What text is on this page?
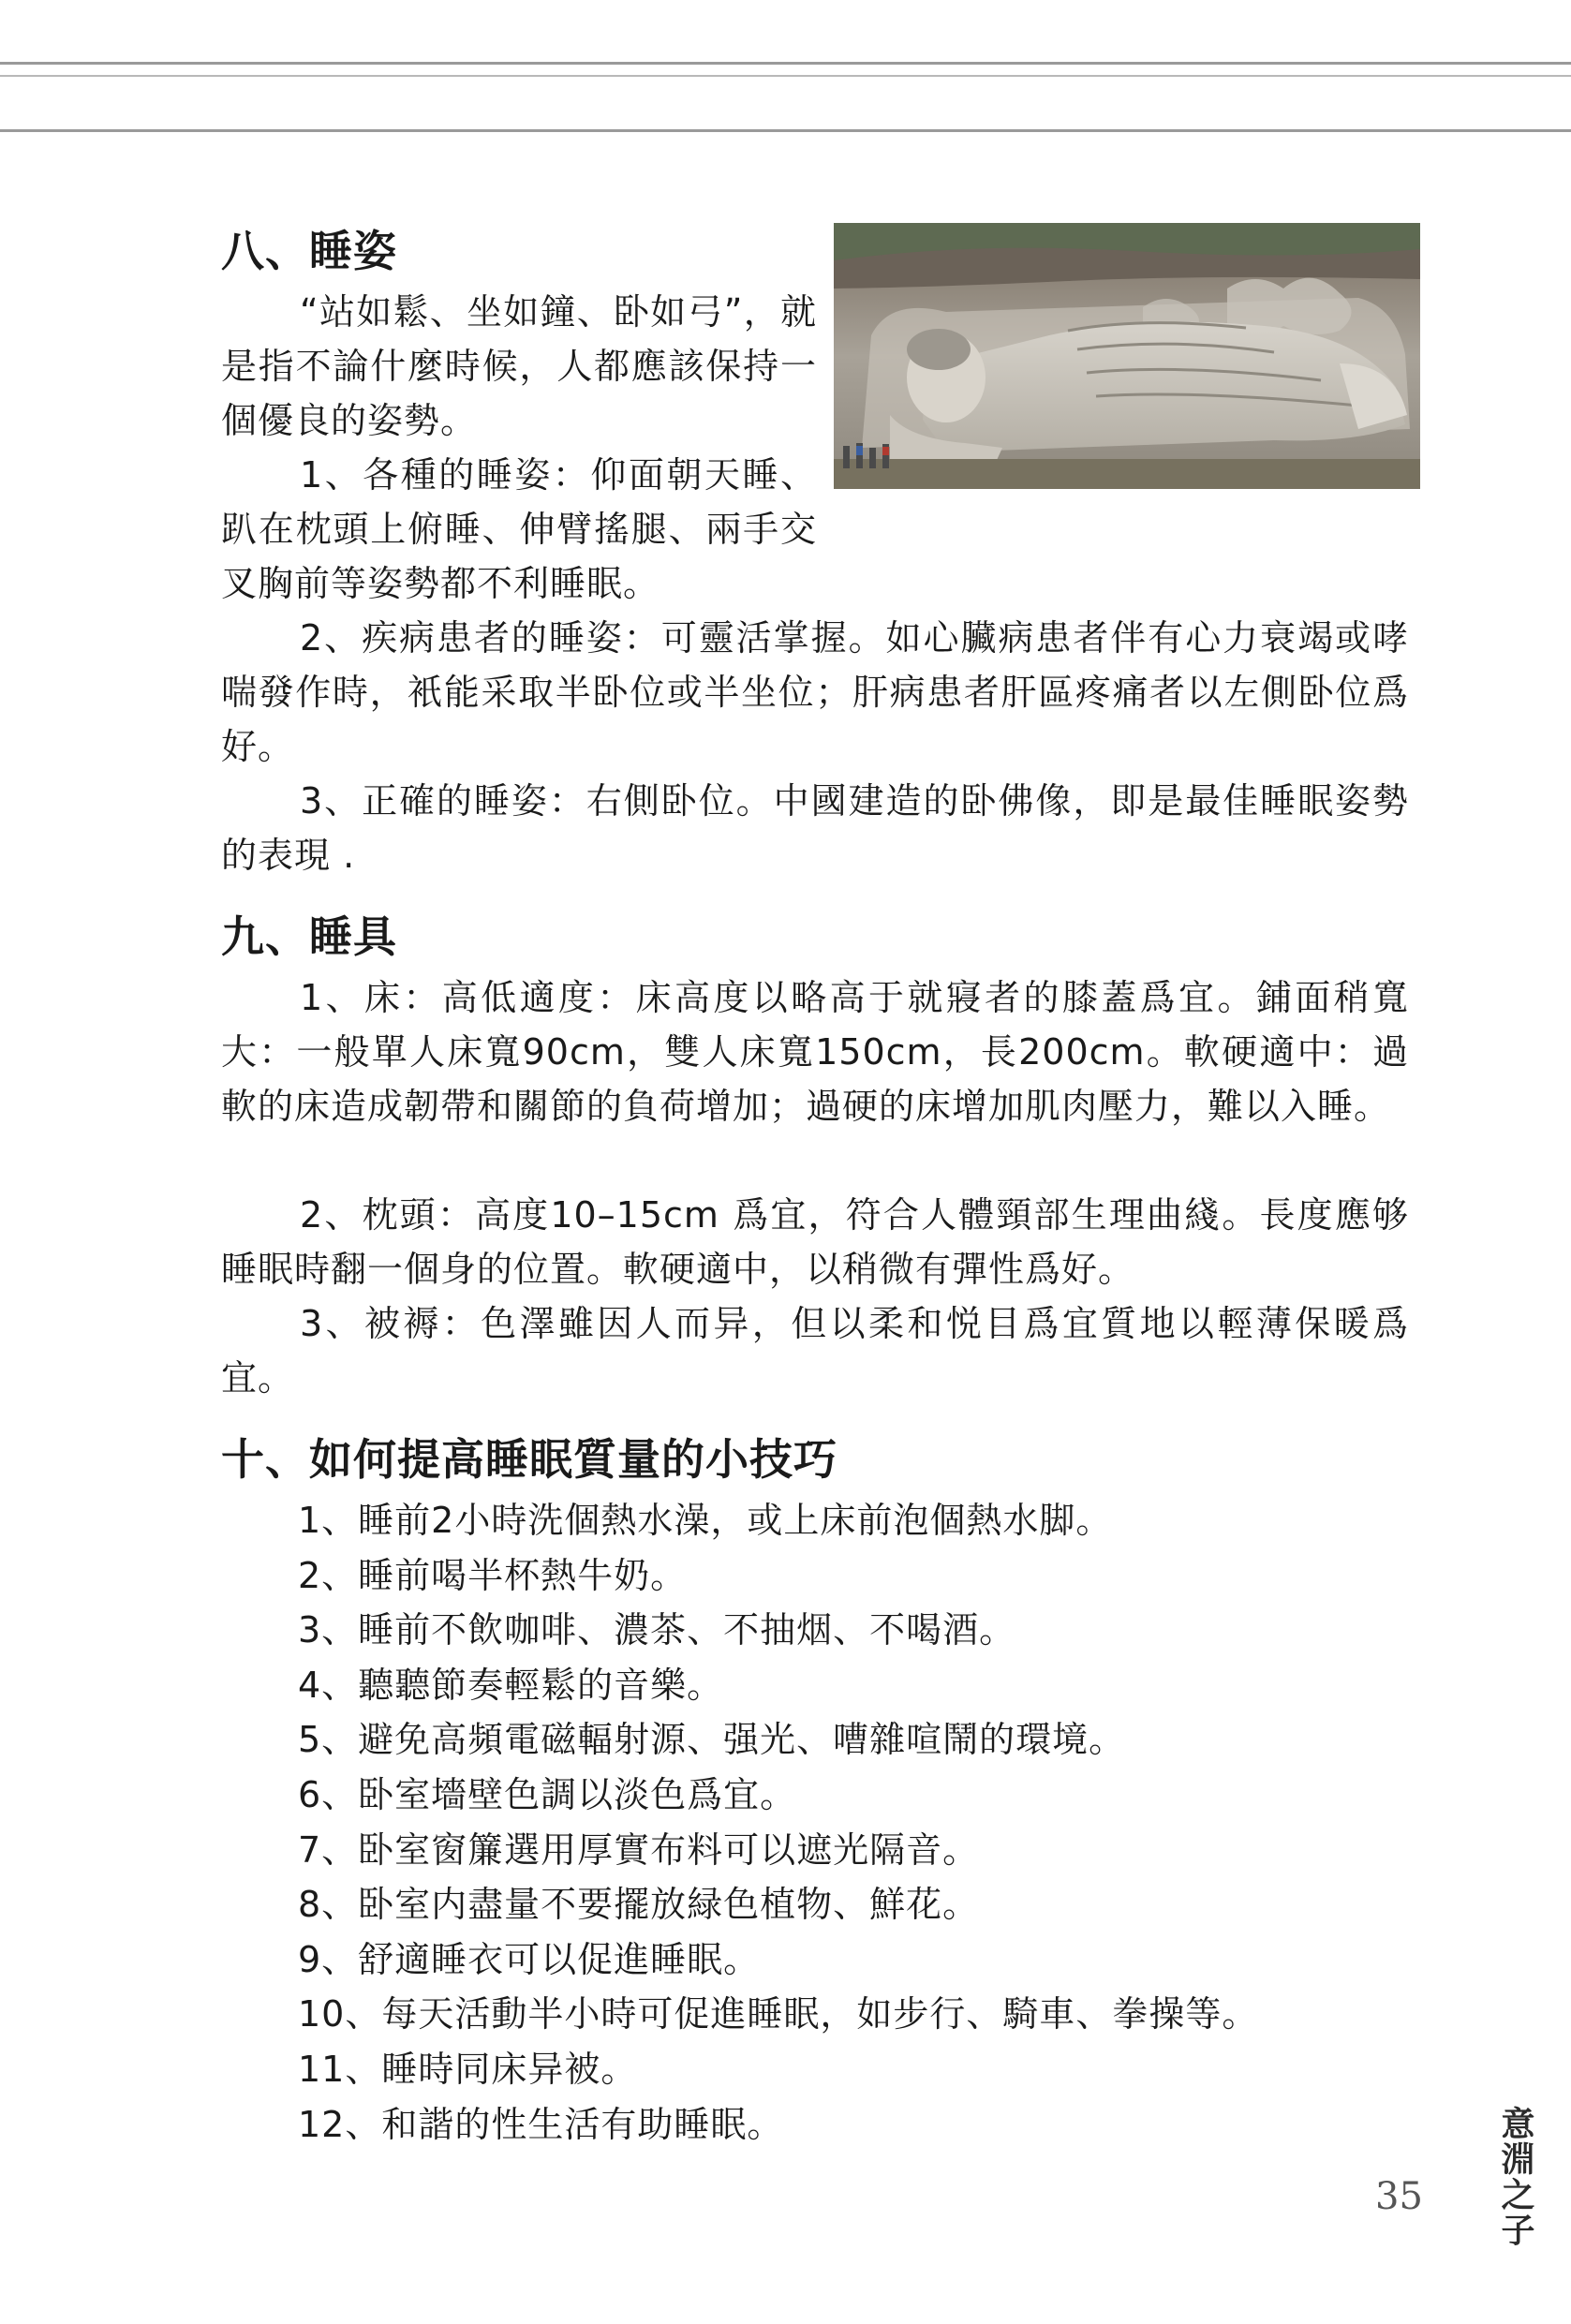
八、睡姿

“站如鬆、坐如鐘、卧如弓”，就是指不論什麼時候，人都應該保持一個優良的姿勢。

1、各種的睡姿：仰面朝天睡、趴在枕頭上俯睡、伸臂搖腿、兩手交叉胸前等姿勢都不利睡眠。

2、疾病患者的睡姿：可靈活掌握。如心臟病患者伴有心力衰竭或哮喘發作時，衹能采取半卧位或半坐位；肝病患者肝區疼痛者以左側卧位爲好。

3、正確的睡姿：右側卧位。中國建造的卧佛像，即是最佳睡眠姿勢的表現 .

九、睡具

1、床：高低適度：床高度以略高于就寢者的膝蓋爲宜。鋪面稍寬大：一般單人床寬90cm，雙人床寬150cm，長200cm。軟硬適中：過軟的床造成韌帶和關節的負荷增加；過硬的床增加肌肉壓力，難以入睡。

2、枕頭：高度10–15cm 爲宜，符合人體頸部生理曲綫。長度應够睡眠時翻一個身的位置。軟硬適中，以稍微有彈性爲好。

3、被褥：色澤雖因人而异，但以柔和悦目爲宜質地以輕薄保暖爲宜。

十、如何提高睡眠質量的小技巧
1、睡前2小時洗個熱水澡，或上床前泡個熱水脚。
2、睡前喝半杯熱牛奶。
3、睡前不飲咖啡、濃茶、不抽烟、不喝酒。
4、聽聽節奏輕鬆的音樂。
5、避免高頻電磁輻射源、强光、嘈雜喧鬧的環境。
6、卧室墻壁色調以淡色爲宜。
7、卧室窗簾選用厚實布料可以遮光隔音。
8、卧室内盡量不要擺放緑色植物、鮮花。
9、舒適睡衣可以促進睡眠。
10、每天活動半小時可促進睡眠，如步行、騎車、拳操等。
11、睡時同床异被。
12、和諧的性生活有助睡眠。
35 意淵之子
